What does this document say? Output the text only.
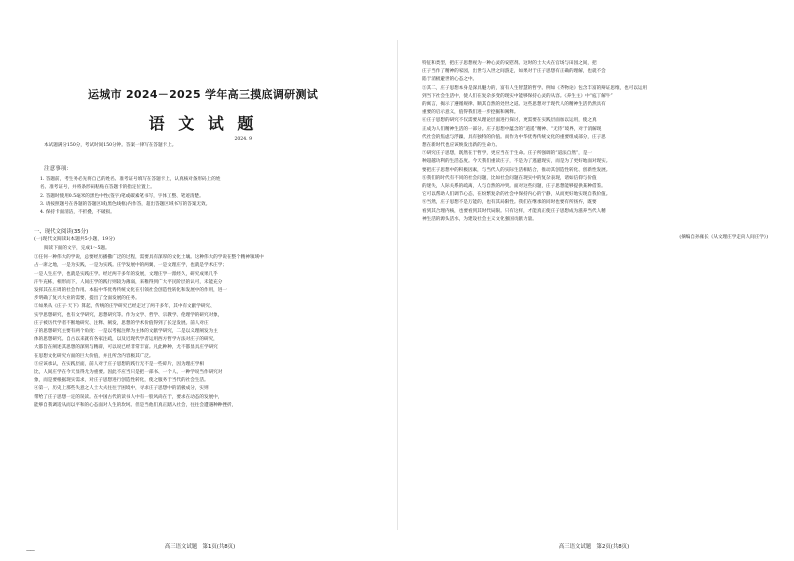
运城市 2024－2025 学年高三摸底调研测试
语 文 试 题
2024. 9

本试题满分150分，考试时间150分钟。答案一律写在答题卡上。

注意事项：

1. 答题前，考生务必先将自己的姓名、准考证号填写在答题卡上，认真核对条形码上的姓
名、准考证号，并将条形码粘贴在答题卡的指定位置上。
2. 答题时使用0.5毫米的黑色中性(签字)笔或碳素笔书写，字体工整、笔迹清楚。
3. 请按照题号在各题的答题区域(黑色线框)内作答，超出答题区域书写的答案无效。
4. 保持卡面清洁，不折叠，不破损。

一、现代文阅读(35分)
(一)现代文阅读Ⅰ(本题共5小题，19分)
阅读下面的文字，完成1～5题。

①任何一种伟大的学说，总要经历播撒广泛的过程，需要具有深厚的文化土壤。这种伟大的学说在整个精神领域中
占一席之地，一是为实践，一是为实践。庄学发展中的两翼，一是文理庄学，也就是学术庄学；
一是人生庄学，也就是实践庄学。经过两千多年的发展，文理庄学一派经久，研究成果几乎
汗牛充栋，相形而下，人间庄学的践行则较为薄弱，来稚得到广大平民阶层的认可，未能充分
发挥其在庄周的社会作用。本报中华优秀传统文化在引领社会创造性转化和发展中的作用，进一
步明确了复兴大业的需要，提出了全面发展的任务。
②如果从《庄子·天下》算起，传统的庄学研究已经走过了两千多年，其中有文献学研究、
实学思想研究，也有文学研究，思想研究等。作为文学、哲学、宗教学、伦理学的研究对象，
庄子被历代学者不断地研究、注释、阐发，思想的学术价值得到了长足发展。前人对庄
子的思想研究主要有两个角度：一是以考据注释为主体的文献学研究，二是以义理阐发为主
体的思想研究。自古以来就有各家注疏，以及近现代学者运用西方哲学方法对庄子的研究，
大都旨在阐述其思想的深刻与精辟，可以说已经非常丰富。凡此种种，尤不都显具庄学研究
在思想文化研究方面的巨大价值，并且所含内容极其广泛。
③应该承认，在实践层面，前人对于庄子思想的践行无不是一些碎片，因为理庄学相
比，人间庄学在今天显得尤为重要。因此不应当只是把一部书、一个人、一种学说当作研究对
象，而是要根据现实需求，对庄子思想进行创造性转化，使之服务于当代的社会生活。
④第一，历史上那些失意之人士大夫往往于困境中，寻求庄子思想中的消极成分，实则
带给了庄子思想一定的误读。在中国古代的读书人中有一股风尚在于，要求在动态的发展中，
能够自我调适从而以平和的心态面对人生的坎坷。但是当他们真正踏入社会，往往会遭遇种种挫折，

高三语文试题　第1页(共8页)

特征和类型，把庄子思想视为一种心灵的安慰剂。这时的士大夫在官场与田园之间，把
庄子当作了精神的家园，出世与入世之间游走，如果对于庄子思想有正确的理解，也就不会
陷于消极避世的心态之中。
⑤其二，庄子思想本身是深具魅力的，富有人生智慧的哲学。例如《齐物论》包含丰富的辩证思维，也可以运用
到当下社会生活中，使人们在复杂多变的现实中能够保持心灵的从容。《养生主》中“庖丁解牛”
的寓言，揭示了遵循规律、顺其自然的处世之道。这些思想对于现代人的精神生活仍然具有
重要的启示意义，值得我们进一步挖掘和阐释。
⑥庄子思想的研究不仅需要从理论层面进行探讨，更需要在实践层面加以运用，使之真
正成为人们精神生活的一部分。庄子思想中蕴含的“逍遥”精神、“无待”境界，对于消解现
代社会的焦虑与浮躁，具有独特的价值。而作为中华优秀传统文化的重要组成部分，庄子思
想在新时代也应该焕发出新的生命力。
⑦研究庄子思想，既然在于哲学，更应当在于生命。庄子所强调的“道法自然”，是一
种超越功利的生活态度。今天我们重读庄子，不是为了逃避现实，而是为了更好地面对现实。
要把庄子思想中的积极因素，与当代人的实际生活相结合，推动其创造性转化、创新性发展。
⑧我们的时代有不同的社会问题，比如社会问题在现实中的复杂表现，诸如信仰与价值
的迷失，人际关系的疏离，人与自然的冲突。面对这些问题，庄子思想能够提供某种借鉴。
它可以帮助人们调节心态，在纷繁复杂的社会中保持内心的宁静，从而更好地实现自我价值。
⑨当然，庄子思想不是万能的，也有其局限性。我们在继承的同时也要有所扬弃，既要
看到其合理内核，也要看到其时代局限。只有这样，才能真正使庄子思想成为滋养当代人精
神生活的源头活水，为建设社会主义文化强国贡献力量。

(摘编自孙雍长《从文理庄学走向人间庄学》)
高三语文试题　第2页(共8页)
——
